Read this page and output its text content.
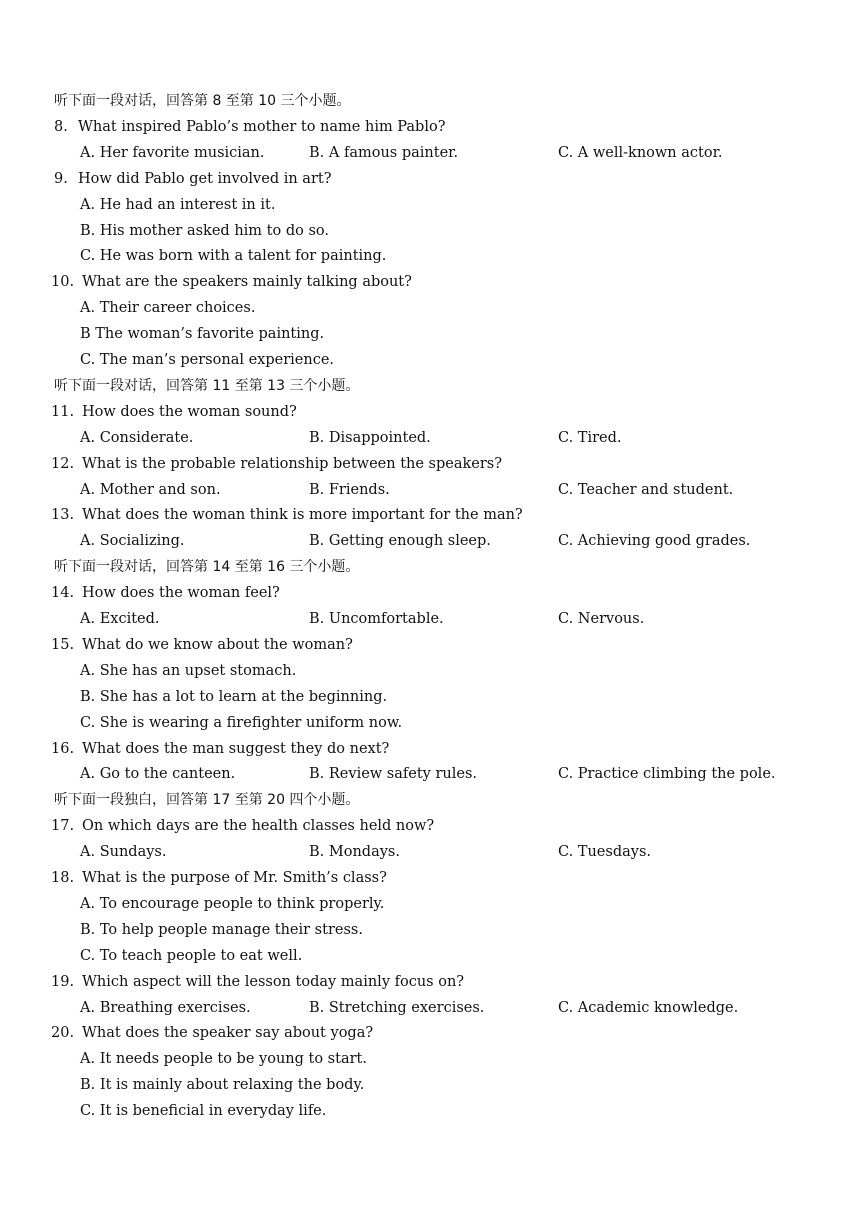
听下面一段对话，回答第 8 至第 10 三个小题。
8. What inspired Pablo’s mother to name him Pablo?
A. Her favorite musician.	B. A famous painter.	C. A well-known actor.
9. How did Pablo get involved in art?
A. He had an interest in it.
B. His mother asked him to do so.
C. He was born with a talent for painting.
10. What are the speakers mainly talking about?
A. Their career choices.
B The woman’s favorite painting.
C. The man’s personal experience.
听下面一段对话，回答第 11 至第 13 三个小题。
11. How does the woman sound?
A. Considerate.	B. Disappointed.	C. Tired.
12. What is the probable relationship between the speakers?
A. Mother and son.	B. Friends.	C. Teacher and student.
13. What does the woman think is more important for the man?
A. Socializing.	B. Getting enough sleep.	C. Achieving good grades.
听下面一段对话，回答第 14 至第 16 三个小题。
14. How does the woman feel?
A. Excited.	B. Uncomfortable.	C. Nervous.
15. What do we know about the woman?
A. She has an upset stomach.
B. She has a lot to learn at the beginning.
C. She is wearing a firefighter uniform now.
16. What does the man suggest they do next?
A. Go to the canteen.	B. Review safety rules.	C. Practice climbing the pole.
听下面一段独白，回答第 17 至第 20 四个小题。
17. On which days are the health classes held now?
A. Sundays.	B. Mondays.	C. Tuesdays.
18. What is the purpose of Mr. Smith’s class?
A. To encourage people to think properly.
B. To help people manage their stress.
C. To teach people to eat well.
19. Which aspect will the lesson today mainly focus on?
A. Breathing exercises.	B. Stretching exercises.	C. Academic knowledge.
20. What does the speaker say about yoga?
A. It needs people to be young to start.
B. It is mainly about relaxing the body.
C. It is beneficial in everyday life.
